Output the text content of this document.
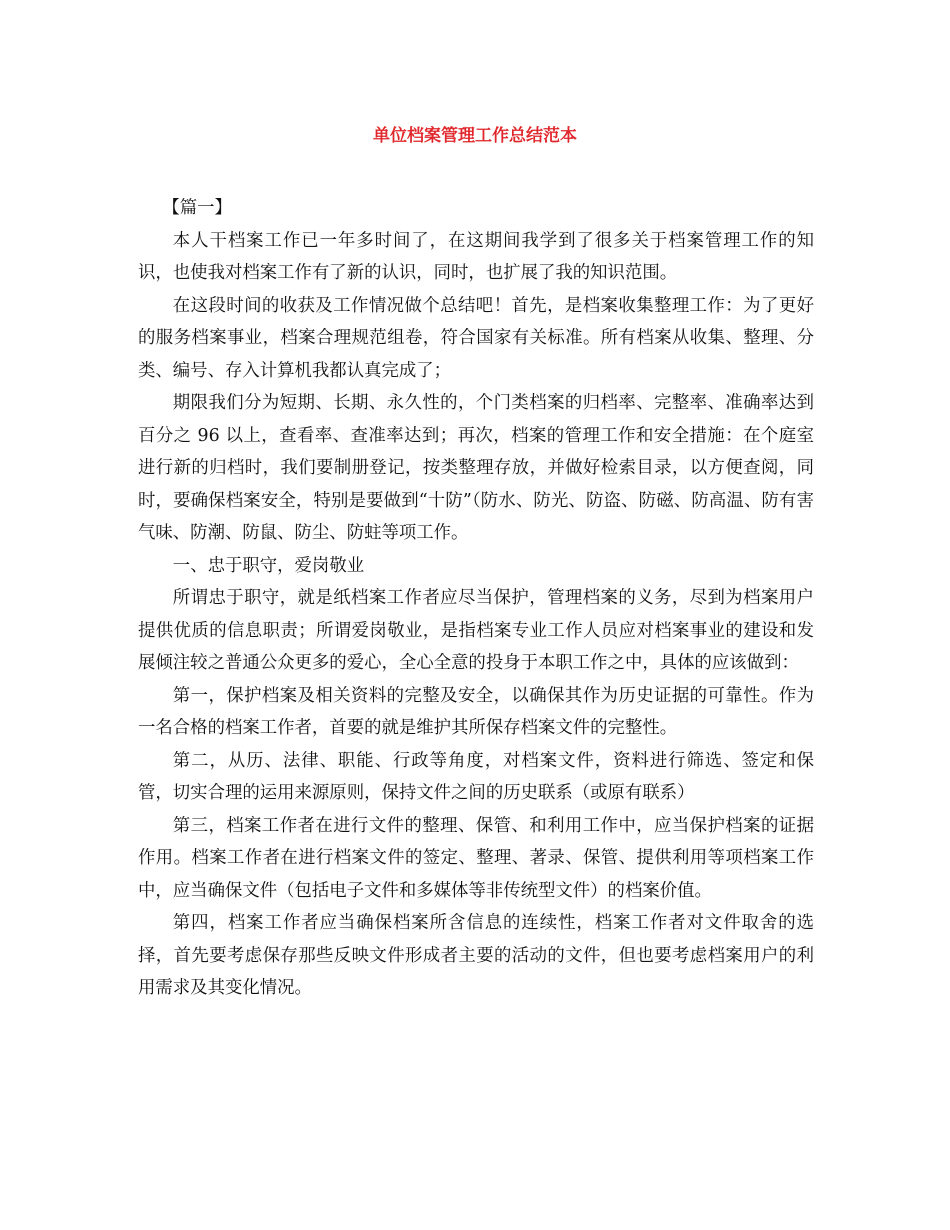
单位档案管理工作总结范本

【篇一】

本人干档案工作已一年多时间了，在这期间我学到了很多关于档案管理工作的知识，也使我对档案工作有了新的认识，同时，也扩展了我的知识范围。

在这段时间的收获及工作情况做个总结吧！首先，是档案收集整理工作：为了更好的服务档案事业，档案合理规范组卷，符合国家有关标准。所有档案从收集、整理、分类、编号、存入计算机我都认真完成了；

期限我们分为短期、长期、永久性的，个门类档案的归档率、完整率、准确率达到百分之 96 以上，查看率、查准率达到；再次，档案的管理工作和安全措施：在个庭室进行新的归档时，我们要制册登记，按类整理存放，并做好检索目录，以方便查阅，同时，要确保档案安全，特别是要做到“十防”（防水、防光、防盗、防磁、防高温、防有害气味、防潮、防鼠、防尘、防蛀等项工作。

一、忠于职守，爱岗敬业

所谓忠于职守，就是纸档案工作者应尽当保护，管理档案的义务，尽到为档案用户提供优质的信息职责；所谓爱岗敬业，是指档案专业工作人员应对档案事业的建设和发展倾注较之普通公众更多的爱心，全心全意的投身于本职工作之中，具体的应该做到：

第一，保护档案及相关资料的完整及安全，以确保其作为历史证据的可靠性。作为一名合格的档案工作者，首要的就是维护其所保存档案文件的完整性。

第二，从历、法律、职能、行政等角度，对档案文件，资料进行筛选、签定和保管，切实合理的运用来源原则，保持文件之间的历史联系（或原有联系）

第三，档案工作者在进行文件的整理、保管、和利用工作中，应当保护档案的证据作用。档案工作者在进行档案文件的签定、整理、著录、保管、提供利用等项档案工作中，应当确保文件（包括电子文件和多媒体等非传统型文件）的档案价值。

第四，档案工作者应当确保档案所含信息的连续性，档案工作者对文件取舍的选择，首先要考虑保存那些反映文件形成者主要的活动的文件，但也要考虑档案用户的利用需求及其变化情况。
